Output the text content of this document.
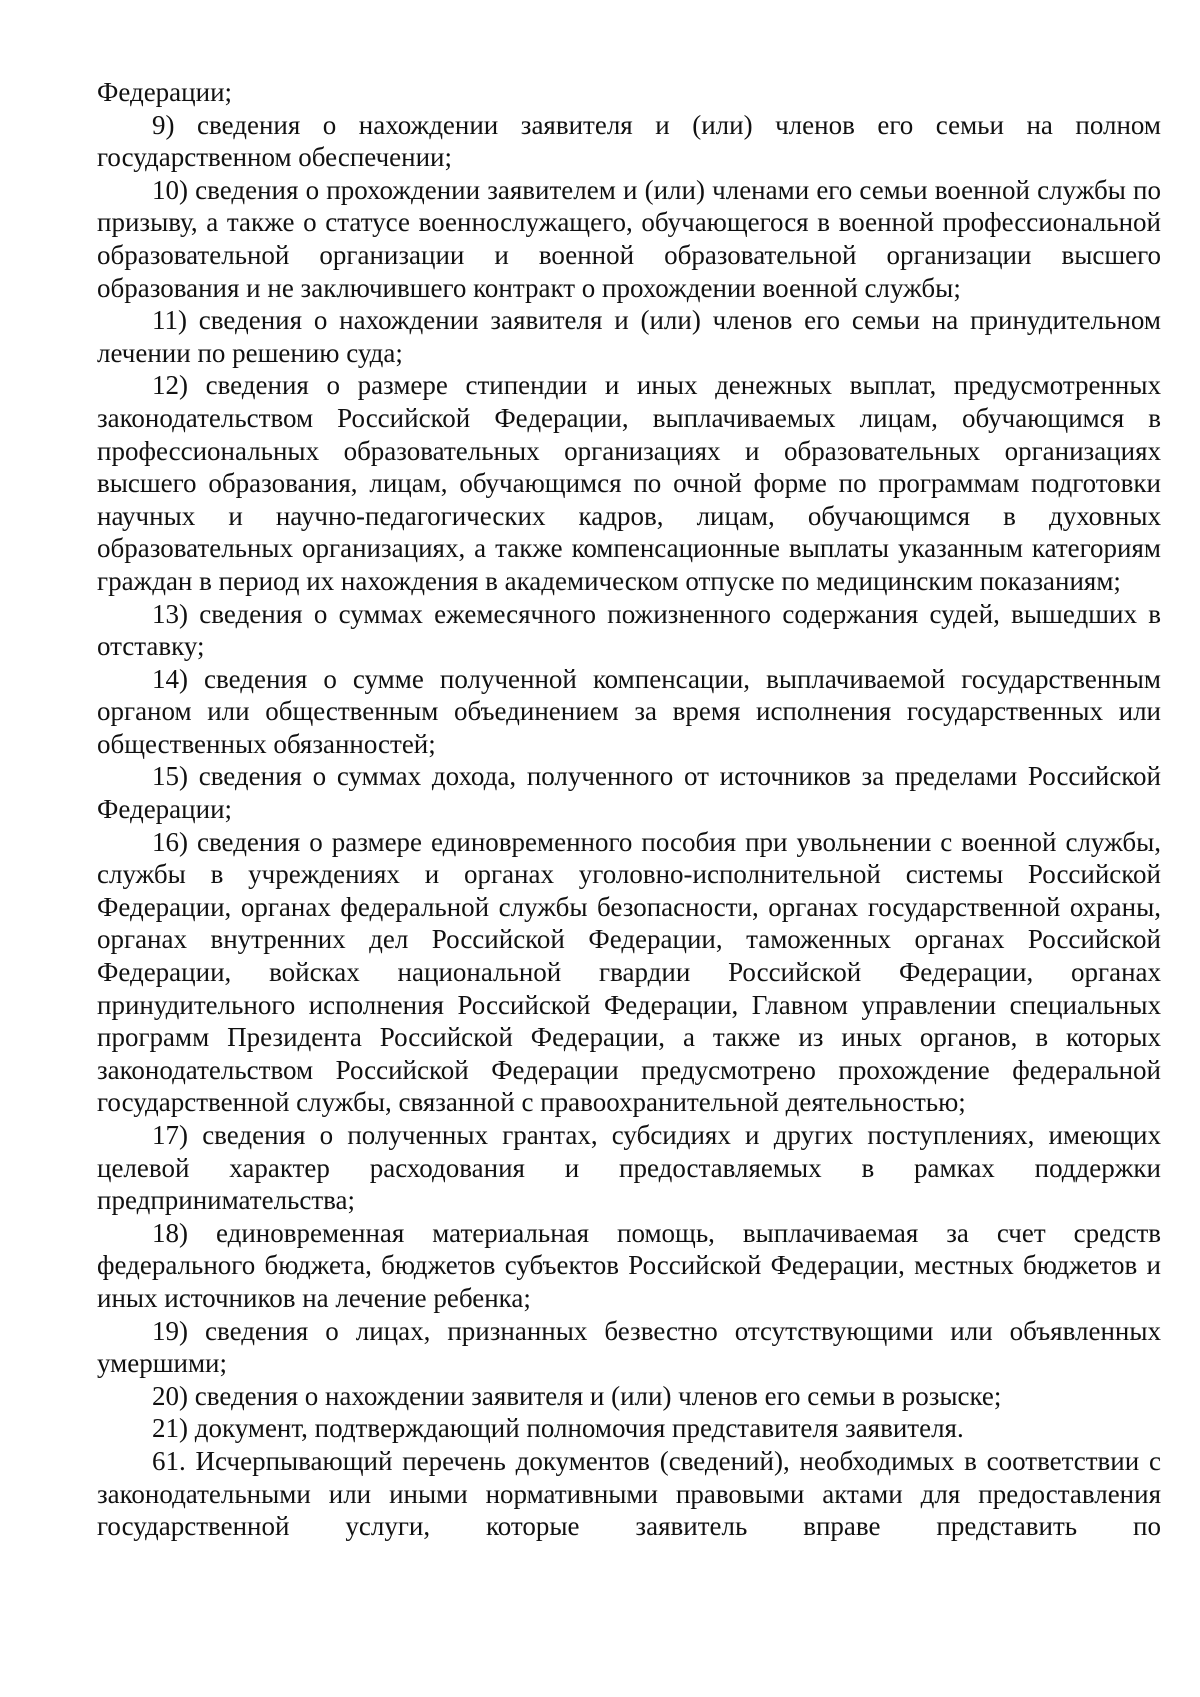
Федерации;

9) сведения о нахождении заявителя и (или) членов его семьи на полном государственном обеспечении;

10) сведения о прохождении заявителем и (или) членами его семьи военной службы по призыву, а также о статусе военнослужащего, обучающегося в военной профессиональной образовательной организации и военной образовательной организации высшего образования и не заключившего контракт о прохождении военной службы;

11) сведения о нахождении заявителя и (или) членов его семьи на принудительном лечении по решению суда;

12) сведения о размере стипендии и иных денежных выплат, предусмотренных законодательством Российской Федерации, выплачиваемых лицам, обучающимся в профессиональных образовательных организациях и образовательных организациях высшего образования, лицам, обучающимся по очной форме по программам подготовки научных и научно-педагогических кадров, лицам, обучающимся в духовных образовательных организациях, а также компенсационные выплаты указанным категориям граждан в период их нахождения в академическом отпуске по медицинским показаниям;

13) сведения о суммах ежемесячного пожизненного содержания судей, вышедших в отставку;

14) сведения о сумме полученной компенсации, выплачиваемой государственным органом или общественным объединением за время исполнения государственных или общественных обязанностей;

15) сведения о суммах дохода, полученного от источников за пределами Российской Федерации;

16) сведения о размере единовременного пособия при увольнении с военной службы, службы в учреждениях и органах уголовно-исполнительной системы Российской Федерации, органах федеральной службы безопасности, органах государственной охраны, органах внутренних дел Российской Федерации, таможенных органах Российской Федерации, войсках национальной гвардии Российской Федерации, органах принудительного исполнения Российской Федерации, Главном управлении специальных программ Президента Российской Федерации, а также из иных органов, в которых законодательством Российской Федерации предусмотрено прохождение федеральной государственной службы, связанной с правоохранительной деятельностью;

17) сведения о полученных грантах, субсидиях и других поступлениях, имеющих целевой характер расходования и предоставляемых в рамках поддержки предпринимательства;

18) единовременная материальная помощь, выплачиваемая за счет средств федерального бюджета, бюджетов субъектов Российской Федерации, местных бюджетов и иных источников на лечение ребенка;

19) сведения о лицах, признанных безвестно отсутствующими или объявленных умершими;

20) сведения о нахождении заявителя и (или) членов его семьи в розыске;

21) документ, подтверждающий полномочия представителя заявителя.

61. Исчерпывающий перечень документов (сведений), необходимых в соответствии с законодательными или иными нормативными правовыми актами для предоставления государственной услуги, которые заявитель вправе представить по
